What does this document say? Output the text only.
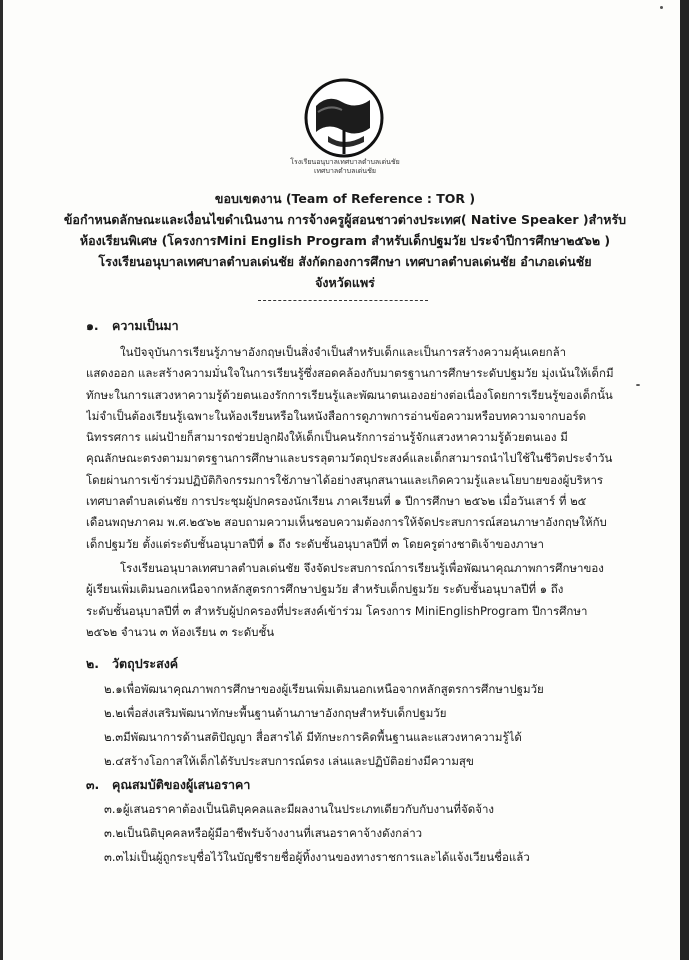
โรงเรียนอนุบาลเทศบาลตำบลเด่นชัย
เทศบาลตำบลเด่นชัย
ขอบเขตงาน (Team of Reference : TOR )
ข้อกำหนดลักษณะและเงื่อนไขดำเนินงาน การจ้างครูผู้สอนชาวต่างประเทศ( Native Speaker )สำหรับ
ห้องเรียนพิเศษ (โครงการMini English Program สำหรับเด็กปฐมวัย ประจำปีการศึกษา๒๕๖๒ )
โรงเรียนอนุบาลเทศบาลตำบลเด่นชัย สังกัดกองการศึกษา เทศบาลตำบลเด่นชัย อำเภอเด่นชัย
จังหวัดแพร่
๑. ความเป็นมา
ในปัจจุบันการเรียนรู้ภาษาอังกฤษเป็นสิ่งจำเป็นสำหรับเด็กและเป็นการสร้างความคุ้นเคยกล้า
แสดงออก และสร้างความมั่นใจในการเรียนรู้ซึ่งสอดคล้องกับมาตรฐานการศึกษาระดับปฐมวัย มุ่งเน้นให้เด็กมี
ทักษะในการแสวงหาความรู้ด้วยตนเองรักการเรียนรู้และพัฒนาตนเองอย่างต่อเนื่องโดยการเรียนรู้ของเด็กนั้น
ไม่จำเป็นต้องเรียนรู้เฉพาะในห้องเรียนหรือในหนังสือการดูภาพการอ่านข้อความหรือบทความจากบอร์ด
นิทรรศการ แผ่นป้ายก็สามารถช่วยปลูกฝังให้เด็กเป็นคนรักการอ่านรู้จักแสวงหาความรู้ด้วยตนเอง มี
คุณลักษณะตรงตามมาตรฐานการศึกษาและบรรลุตามวัตถุประสงค์และเด็กสามารถนำไปใช้ในชีวิตประจำวัน
โดยผ่านการเข้าร่วมปฏิบัติกิจกรรมการใช้ภาษาได้อย่างสนุกสนานและเกิดความรู้และนโยบายของผู้บริหาร
เทศบาลตำบลเด่นชัย การประชุมผู้ปกครองนักเรียน ภาคเรียนที่ ๑ ปีการศึกษา ๒๕๖๒ เมื่อวันเสาร์ ที่ ๒๕
เดือนพฤษภาคม พ.ศ.๒๕๖๒ สอบถามความเห็นชอบความต้องการให้จัดประสบการณ์สอนภาษาอังกฤษให้กับ
เด็กปฐมวัย ตั้งแต่ระดับชั้นอนุบาลปีที่ ๑ ถึง ระดับชั้นอนุบาลปีที่ ๓ โดยครูต่างชาติเจ้าของภาษา
โรงเรียนอนุบาลเทศบาลตำบลเด่นชัย จึงจัดประสบการณ์การเรียนรู้เพื่อพัฒนาคุณภาพการศึกษาของ
ผู้เรียนเพิ่มเติมนอกเหนือจากหลักสูตรการศึกษาปฐมวัย สำหรับเด็กปฐมวัย ระดับชั้นอนุบาลปีที่ ๑ ถึง
ระดับชั้นอนุบาลปีที่ ๓ สำหรับผู้ปกครองที่ประสงค์เข้าร่วม โครงการ MiniEnglishProgram ปีการศึกษา
๒๕๖๒ จำนวน ๓ ห้องเรียน ๓ ระดับชั้น
๒. วัตถุประสงค์
๒.๑เพื่อพัฒนาคุณภาพการศึกษาของผู้เรียนเพิ่มเติมนอกเหนือจากหลักสูตรการศึกษาปฐมวัย
๒.๒เพื่อส่งเสริมพัฒนาทักษะพื้นฐานด้านภาษาอังกฤษสำหรับเด็กปฐมวัย
๒.๓มีพัฒนาการด้านสติปัญญา สื่อสารได้ มีทักษะการคิดพื้นฐานและแสวงหาความรู้ได้
๒.๔สร้างโอกาสให้เด็กได้รับประสบการณ์ตรง เล่นและปฏิบัติอย่างมีความสุข
๓. คุณสมบัติของผู้เสนอราคา
๓.๑ผู้เสนอราคาต้องเป็นนิติบุคคลและมีผลงานในประเภทเดียวกับกับงานที่จัดจ้าง
๓.๒เป็นนิติบุคคลหรือผู้มีอาชีพรับจ้างงานที่เสนอราคาจ้างดังกล่าว
๓.๓ไม่เป็นผู้ถูกระบุชื่อไว้ในบัญชีรายชื่อผู้ทิ้งงานของทางราชการและได้แจ้งเวียนชื่อแล้ว
